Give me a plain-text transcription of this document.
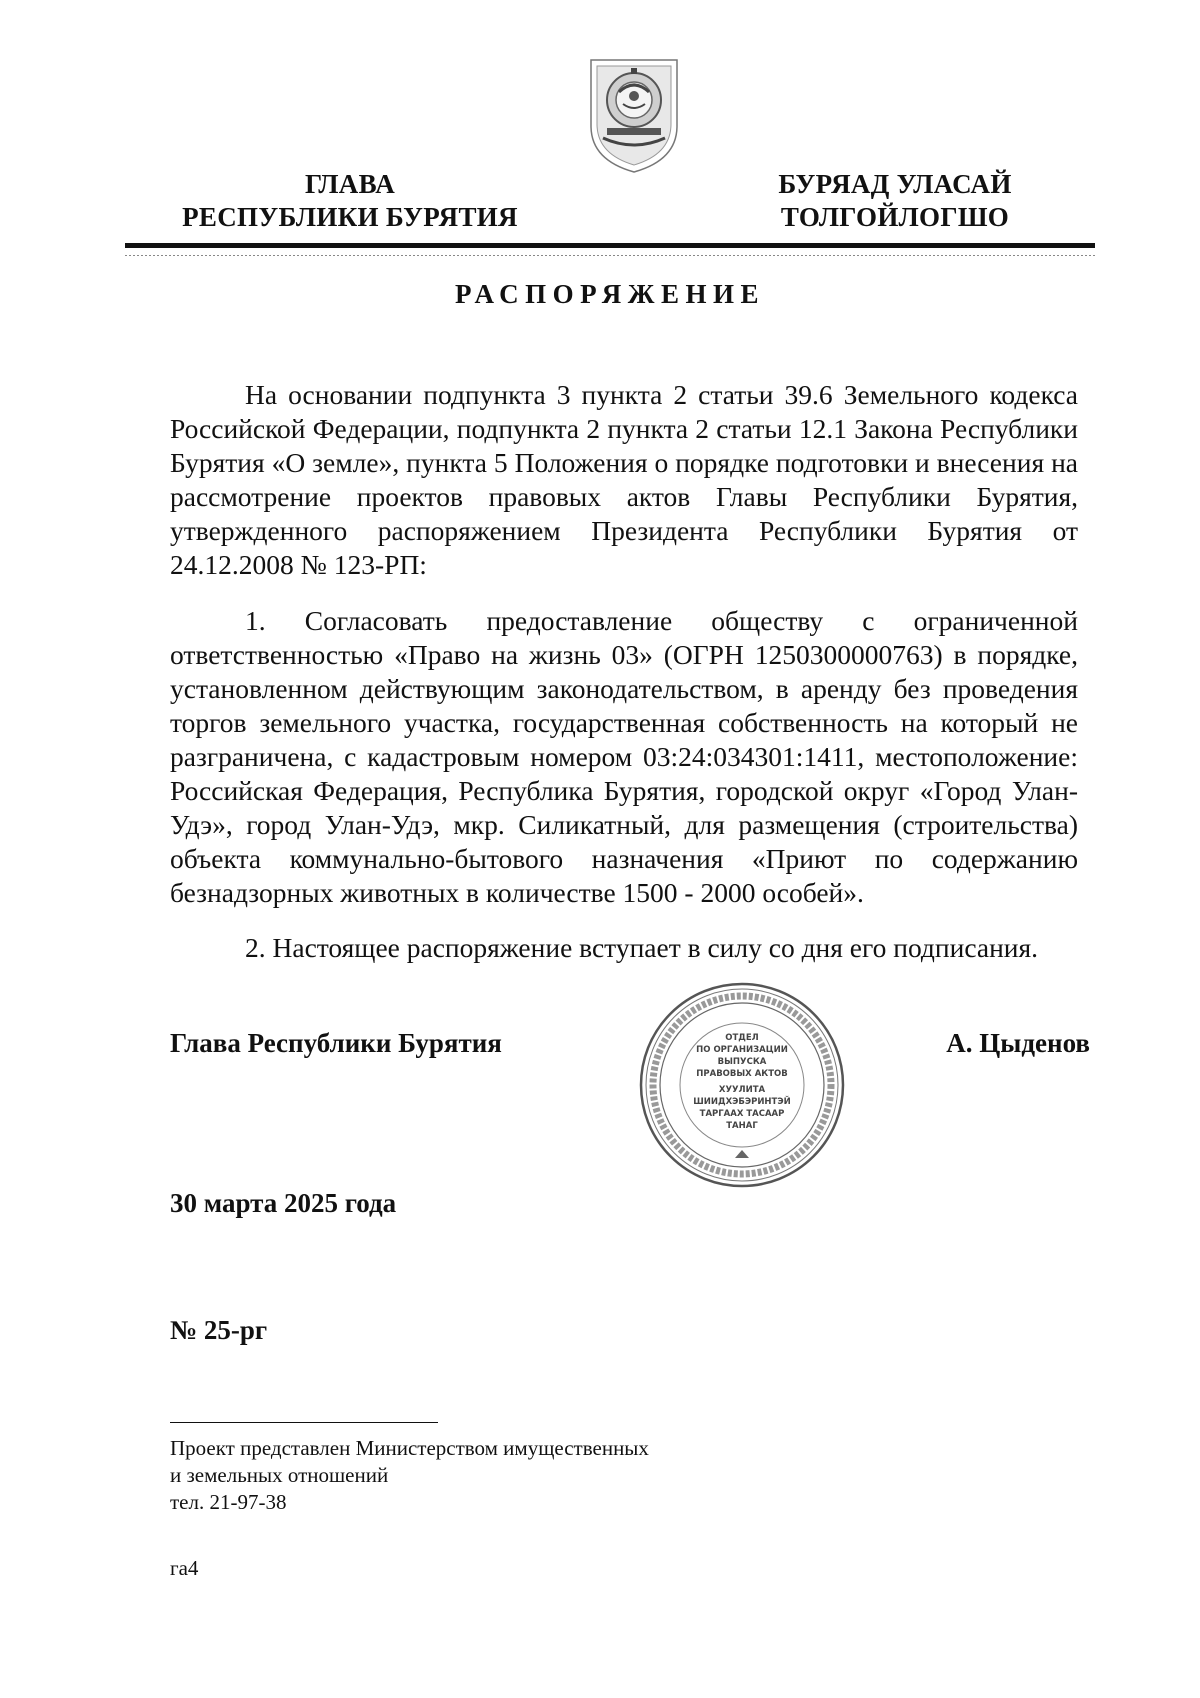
ГЛАВА
РЕСПУБЛИКИ БУРЯТИЯ
БУРЯАД УЛАСАЙ
ТОЛГОЙЛОГШО
РАСПОРЯЖЕНИЕ

На основании подпункта 3 пункта 2 статьи 39.6 Земельного кодекса Российской Федерации, подпункта 2 пункта 2 статьи 12.1 Закона Республики Бурятия «О земле», пункта 5 Положения о порядке подготовки и внесения на рассмотрение проектов правовых актов Главы Республики Бурятия, утвержденного распоряжением Президента Республики Бурятия от 24.12.2008 № 123-РП:

1. Согласовать предоставление обществу с ограниченной ответственностью «Право на жизнь 03» (ОГРН 1250300000763) в порядке, установленном действующим законодательством, в аренду без проведения торгов земельного участка, государственная собственность на который не разграничена, с кадастровым номером 03:24:034301:1411, местоположение: Российская Федерация, Республика Бурятия, городской округ «Город Улан-Удэ», город Улан-Удэ, мкр. Силикатный, для размещения (строительства) объекта коммунально-бытового назначения «Приют по содержанию безнадзорных животных в количестве 1500 - 2000 особей».

2. Настоящее распоряжение вступает в силу со дня его подписания.

Глава Республики Бурятия	А. Цыденов
ОТДЕЛ
ПО ОРГАНИЗАЦИИ
ВЫПУСКА
ПРАВОВЫХ АКТОВ
ХУУЛИТА
ШИИДХЭБЭРИНТЭЙ
ТАРГААХ ТАСААР
ТАНАГ
30 марта 2025 года
№ 25-рг
Проект представлен Министерством имущественных
и земельных отношений
тел. 21-97-38
га4
